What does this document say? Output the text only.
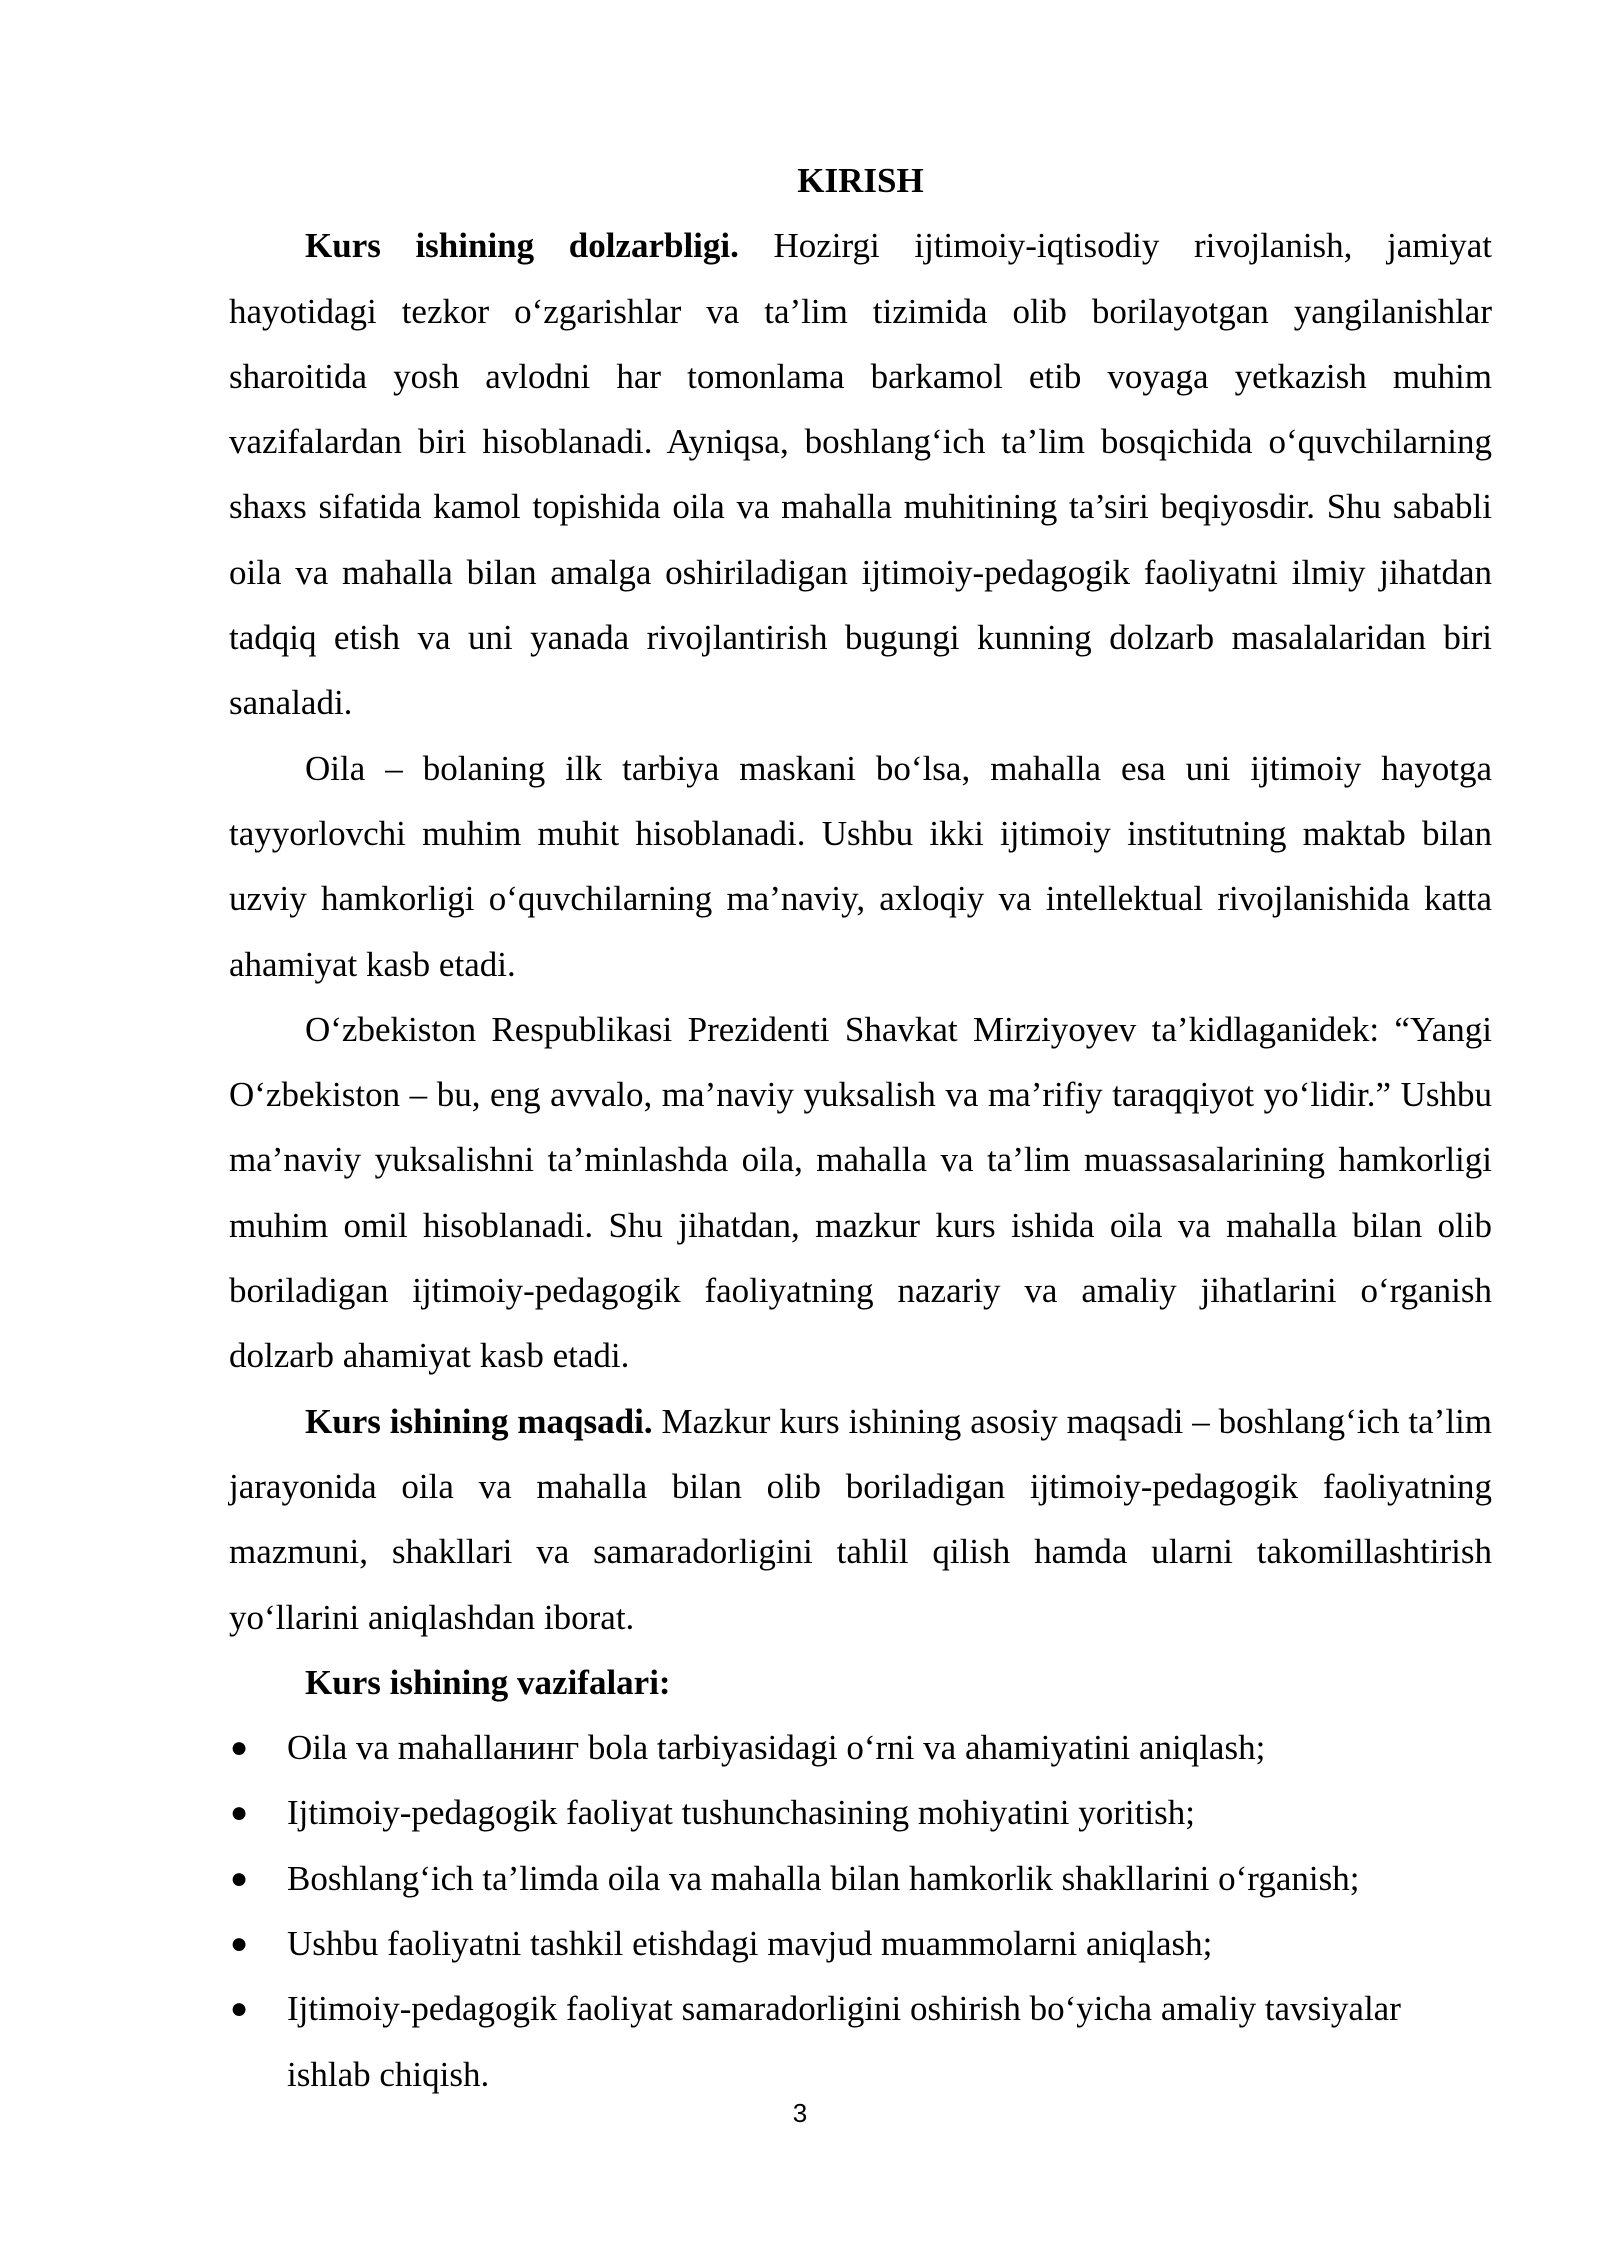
KIRISH

Kurs ishining dolzarbligi. Hozirgi ijtimoiy-iqtisodiy rivojlanish, jamiyat hayotidagi tezkor o‘zgarishlar va ta’lim tizimida olib borilayotgan yangilanishlar sharoitida yosh avlodni har tomonlama barkamol etib voyaga yetkazish muhim vazifalardan biri hisoblanadi. Ayniqsa, boshlang‘ich ta’lim bosqichida o‘quvchilarning shaxs sifatida kamol topishida oila va mahalla muhitining ta’siri beqiyosdir. Shu sababli oila va mahalla bilan amalga oshiriladigan ijtimoiy-pedagogik faoliyatni ilmiy jihatdan tadqiq etish va uni yanada rivojlantirish bugungi kunning dolzarb masalalaridan biri sanaladi.

Oila – bolaning ilk tarbiya maskani bo‘lsa, mahalla esa uni ijtimoiy hayotga tayyorlovchi muhim muhit hisoblanadi. Ushbu ikki ijtimoiy institutning maktab bilan uzviy hamkorligi o‘quvchilarning ma’naviy, axloqiy va intellektual rivojlanishida katta ahamiyat kasb etadi.

O‘zbekiston Respublikasi Prezidenti Shavkat Mirziyoyev ta’kidlaganidek: “Yangi O‘zbekiston – bu, eng avvalo, ma’naviy yuksalish va ma’rifiy taraqqiyot yo‘lidir.” Ushbu ma’naviy yuksalishni ta’minlashda oila, mahalla va ta’lim muassasalarining hamkorligi muhim omil hisoblanadi. Shu jihatdan, mazkur kurs ishida oila va mahalla bilan olib boriladigan ijtimoiy-pedagogik faoliyatning nazariy va amaliy jihatlarini o‘rganish dolzarb ahamiyat kasb etadi.

Kurs ishining maqsadi. Mazkur kurs ishining asosiy maqsadi – boshlang‘ich ta’lim jarayonida oila va mahalla bilan olib boriladigan ijtimoiy-pedagogik faoliyatning mazmuni, shakllari va samaradorligini tahlil qilish hamda ularni takomillashtirish yo‘llarini aniqlashdan iborat.

Kurs ishining vazifalari:
● Oila va mahallaнинг bola tarbiyasidagi o‘rni va ahamiyatini aniqlash;
● Ijtimoiy-pedagogik faoliyat tushunchasining mohiyatini yoritish;
● Boshlang‘ich ta’limda oila va mahalla bilan hamkorlik shakllarini o‘rganish;
● Ushbu faoliyatni tashkil etishdagi mavjud muammolarni aniqlash;
● Ijtimoiy-pedagogik faoliyat samaradorligini oshirish bo‘yicha amaliy tavsiyalar ishlab chiqish.
3
